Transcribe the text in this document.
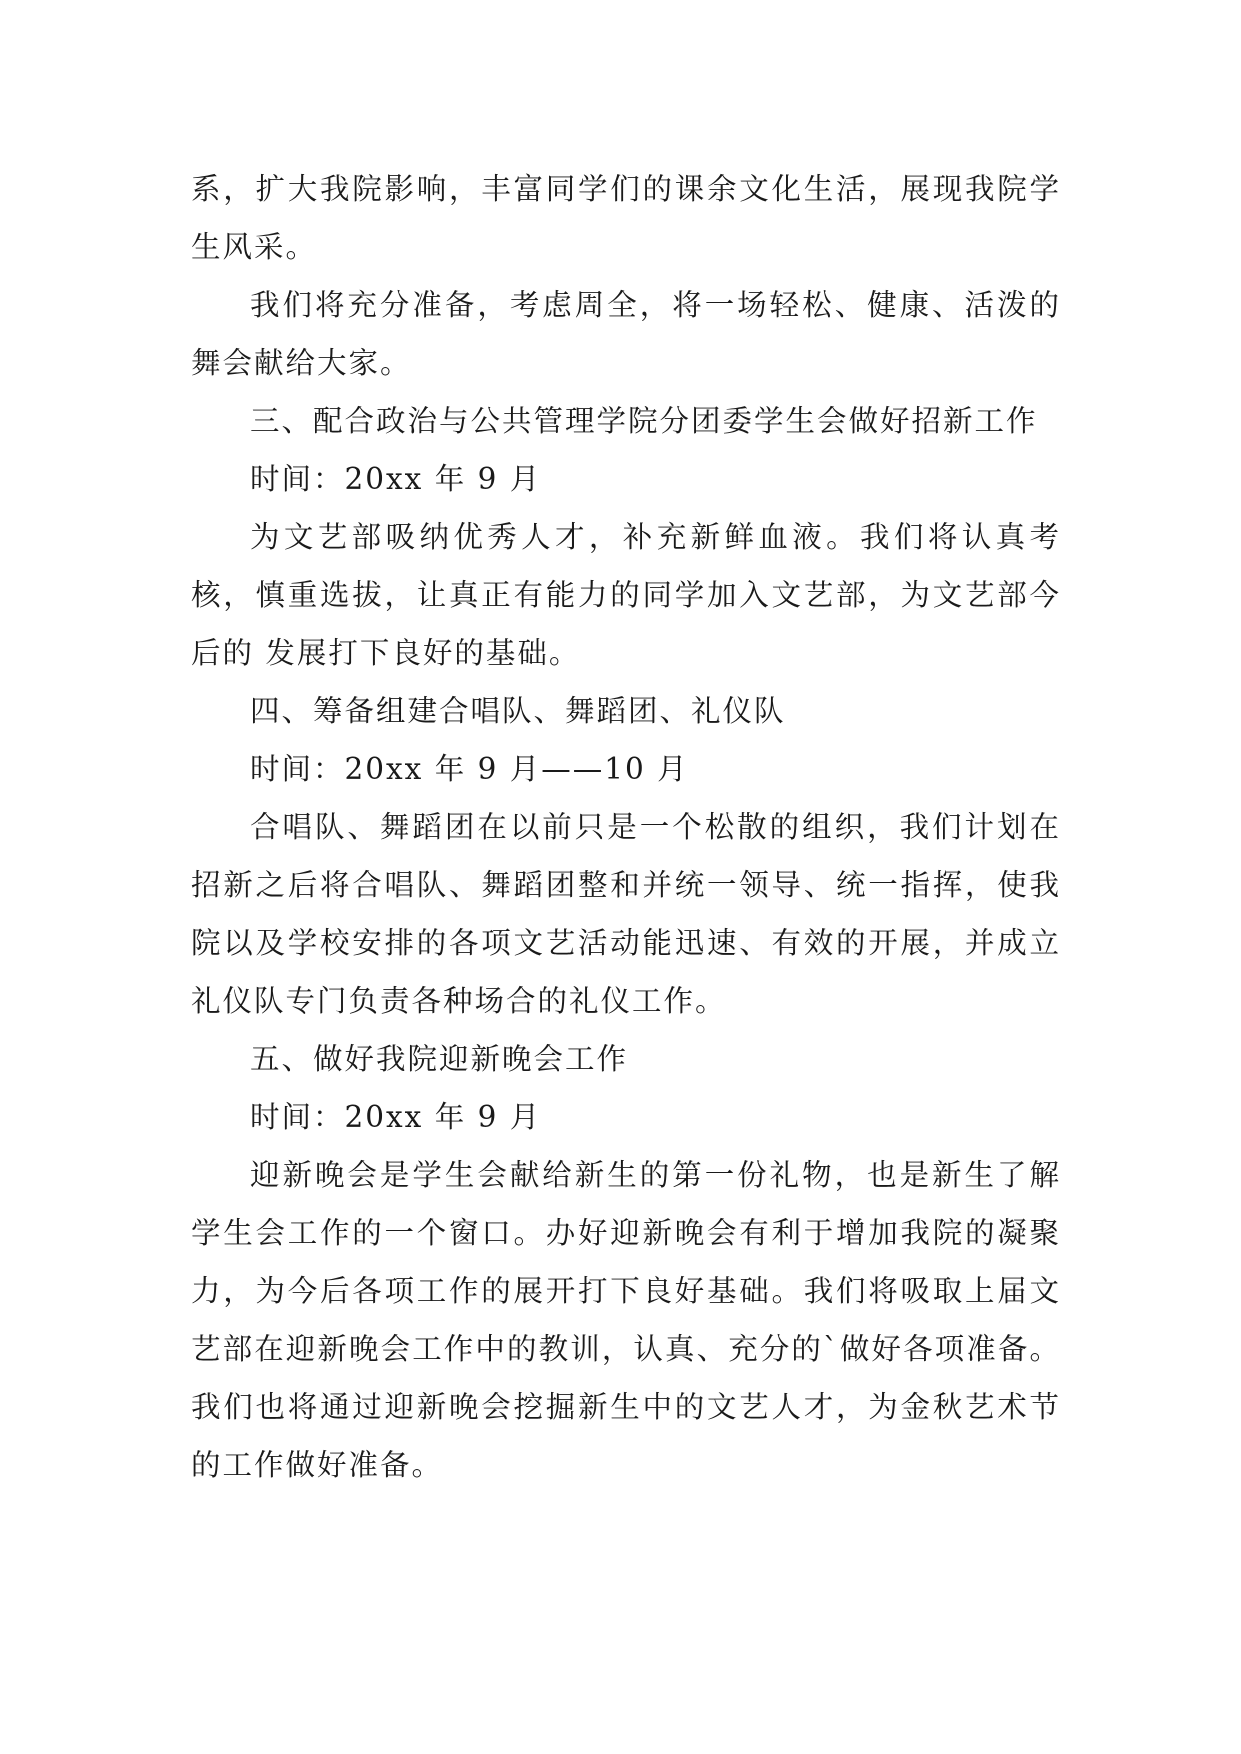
系，扩大我院影响，丰富同学们的课余文化生活，展现我院学生风采。

我们将充分准备，考虑周全，将一场轻松、健康、活泼的舞会献给大家。

三、配合政治与公共管理学院分团委学生会做好招新工作

时间：20xx 年 9 月

为文艺部吸纳优秀人才，补充新鲜血液。我们将认真考核，慎重选拔，让真正有能力的同学加入文艺部，为文艺部今后的 发展打下良好的基础。

四、筹备组建合唱队、舞蹈团、礼仪队

时间：20xx 年 9 月——10 月

合唱队、舞蹈团在以前只是一个松散的组织，我们计划在招新之后将合唱队、舞蹈团整和并统一领导、统一指挥，使我院以及学校安排的各项文艺活动能迅速、有效的开展，并成立礼仪队专门负责各种场合的礼仪工作。

五、做好我院迎新晚会工作

时间：20xx 年 9 月

迎新晚会是学生会献给新生的第一份礼物，也是新生了解学生会工作的一个窗口。办好迎新晚会有利于增加我院的凝聚力，为今后各项工作的展开打下良好基础。我们将吸取上届文艺部在迎新晚会工作中的教训，认真、充分的`做好各项准备。我们也将通过迎新晚会挖掘新生中的文艺人才，为金秋艺术节的工作做好准备。
